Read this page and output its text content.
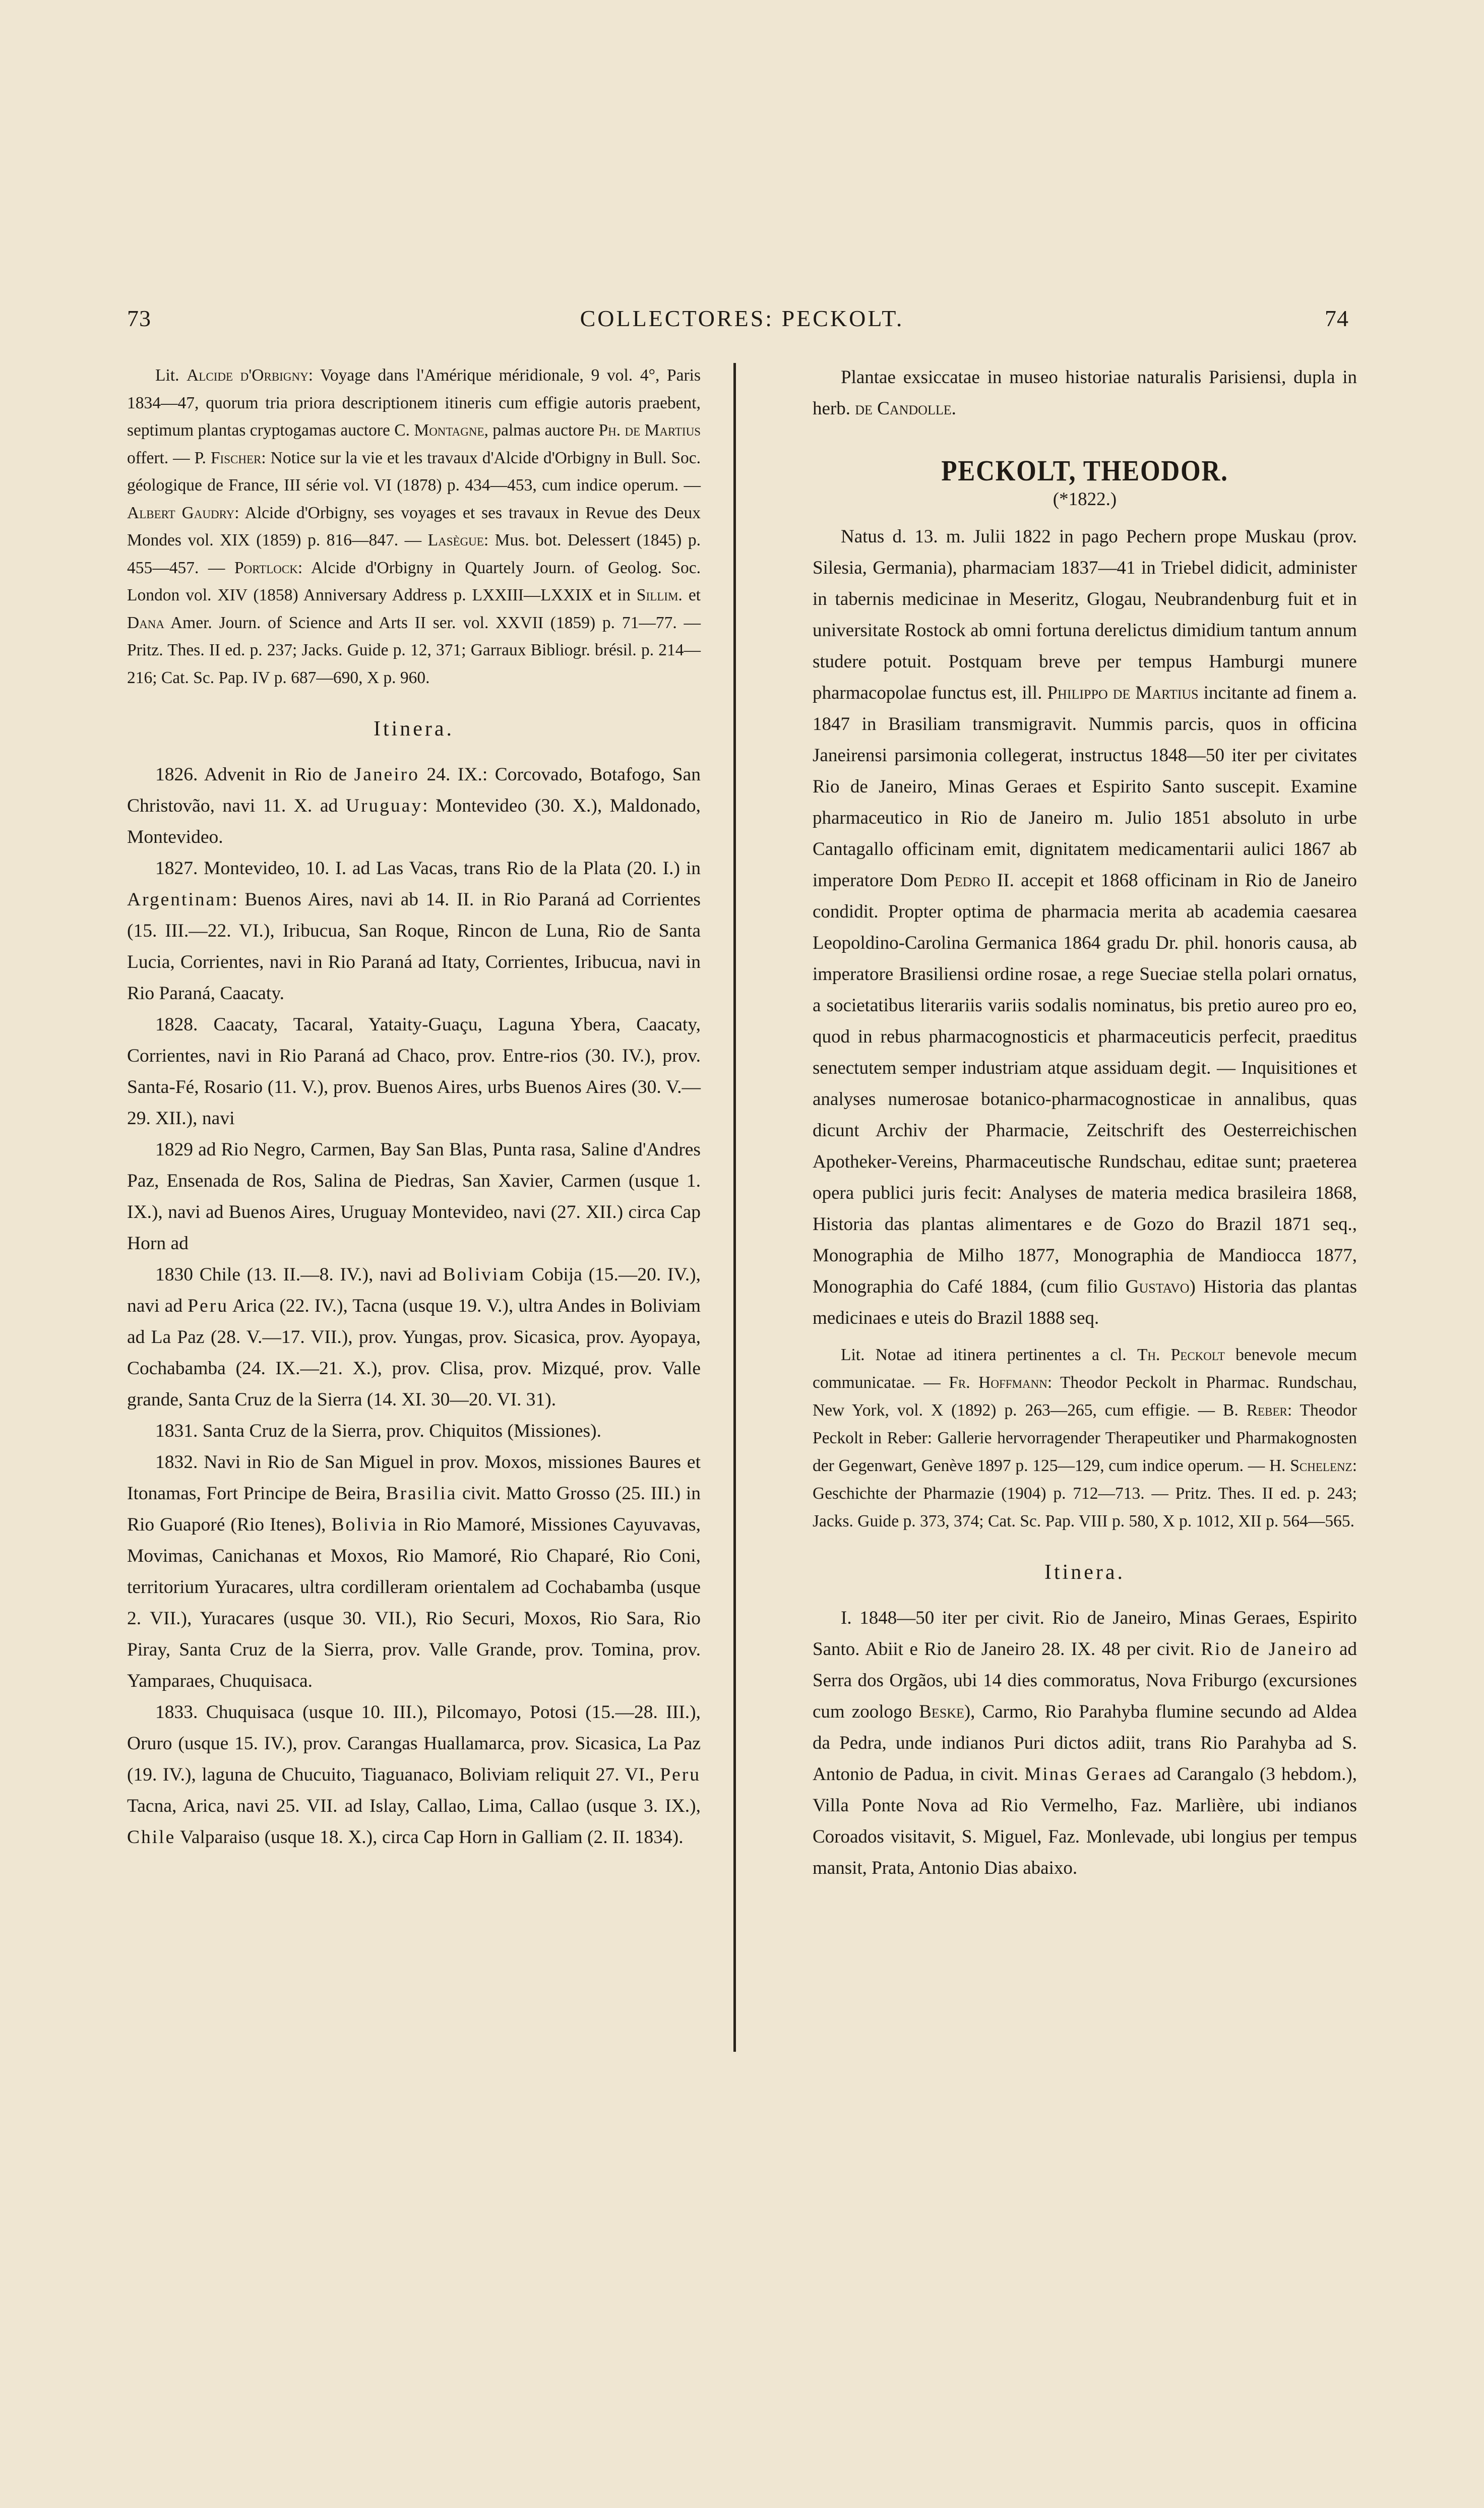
73	COLLECTORES: PECKOLT.	74

Lit. Alcide d'Orbigny: Voyage dans l'Amérique méridionale, 9 vol. 4°, Paris 1834—47, quorum tria priora descriptionem itineris cum effigie autoris praebent, septimum plantas cryptogamas auctore C. Montagne, palmas auctore Ph. de Martius offert. — P. Fischer: Notice sur la vie et les travaux d'Alcide d'Orbigny in Bull. Soc. géologique de France, III série vol. VI (1878) p. 434—453, cum indice operum. — Albert Gaudry: Alcide d'Orbigny, ses voyages et ses travaux in Revue des Deux Mondes vol. XIX (1859) p. 816—847. — Lasègue: Mus. bot. Delessert (1845) p. 455—457. — Portlock: Alcide d'Orbigny in Quartely Journ. of Geolog. Soc. London vol. XIV (1858) Anniversary Address p. LXXIII—LXXIX et in Sillim. et Dana Amer. Journ. of Science and Arts II ser. vol. XXVII (1859) p. 71—77. — Pritz. Thes. II ed. p. 237; Jacks. Guide p. 12, 371; Garraux Bibliogr. brésil. p. 214—216; Cat. Sc. Pap. IV p. 687—690, X p. 960.

Itinera.

1826. Advenit in Rio de Janeiro 24. IX.: Corcovado, Botafogo, San Christovão, navi 11. X. ad Uruguay: Montevideo (30. X.), Maldonado, Montevideo.

1827. Montevideo, 10. I. ad Las Vacas, trans Rio de la Plata (20. I.) in Argentinam: Buenos Aires, navi ab 14. II. in Rio Paraná ad Corrientes (15. III.—22. VI.), Iribucua, San Roque, Rincon de Luna, Rio de Santa Lucia, Corrientes, navi in Rio Paraná ad Itaty, Corrientes, Iribucua, navi in Rio Paraná, Caacaty.

1828. Caacaty, Tacaral, Yataity-Guaçu, Laguna Ybera, Caacaty, Corrientes, navi in Rio Paraná ad Chaco, prov. Entre-rios (30. IV.), prov. Santa-Fé, Rosario (11. V.), prov. Buenos Aires, urbs Buenos Aires (30. V.—29. XII.), navi

1829 ad Rio Negro, Carmen, Bay San Blas, Punta rasa, Saline d'Andres Paz, Ensenada de Ros, Salina de Piedras, San Xavier, Carmen (usque 1. IX.), navi ad Buenos Aires, Uruguay Montevideo, navi (27. XII.) circa Cap Horn ad

1830 Chile (13. II.—8. IV.), navi ad Boliviam Cobija (15.—20. IV.), navi ad Peru Arica (22. IV.), Tacna (usque 19. V.), ultra Andes in Boliviam ad La Paz (28. V.—17. VII.), prov. Yungas, prov. Sicasica, prov. Ayopaya, Cochabamba (24. IX.—21. X.), prov. Clisa, prov. Mizqué, prov. Valle grande, Santa Cruz de la Sierra (14. XI. 30—20. VI. 31).

1831. Santa Cruz de la Sierra, prov. Chiquitos (Missiones).

1832. Navi in Rio de San Miguel in prov. Moxos, missiones Baures et Itonamas, Fort Principe de Beira, Brasilia civit. Matto Grosso (25. III.) in Rio Guaporé (Rio Itenes), Bolivia in Rio Mamoré, Missiones Cayuvavas, Movimas, Canichanas et Moxos, Rio Mamoré, Rio Chaparé, Rio Coni, territorium Yuracares, ultra cordilleram orientalem ad Cochabamba (usque 2. VII.), Yuracares (usque 30. VII.), Rio Securi, Moxos, Rio Sara, Rio Piray, Santa Cruz de la Sierra, prov. Valle Grande, prov. Tomina, prov. Yamparaes, Chuquisaca.

1833. Chuquisaca (usque 10. III.), Pilcomayo, Potosi (15.—28. III.), Oruro (usque 15. IV.), prov. Carangas Huallamarca, prov. Sicasica, La Paz (19. IV.), laguna de Chucuito, Tiaguanaco, Boliviam reliquit 27. VI., Peru Tacna, Arica, navi 25. VII. ad Islay, Callao, Lima, Callao (usque 3. IX.), Chile Valparaiso (usque 18. X.), circa Cap Horn in Galliam (2. II. 1834).

Plantae exsiccatae in museo historiae naturalis Parisiensi, dupla in herb. de Candolle.

PECKOLT, THEODOR.
(*1822.)

Natus d. 13. m. Julii 1822 in pago Pechern prope Muskau (prov. Silesia, Germania), pharmaciam 1837—41 in Triebel didicit, administer in tabernis medicinae in Meseritz, Glogau, Neubrandenburg fuit et in universitate Rostock ab omni fortuna derelictus dimidium tantum annum studere potuit. Postquam breve per tempus Hamburgi munere pharmacopolae functus est, ill. Philippo de Martius incitante ad finem a. 1847 in Brasiliam transmigravit. Nummis parcis, quos in officina Janeirensi parsimonia collegerat, instructus 1848—50 iter per civitates Rio de Janeiro, Minas Geraes et Espirito Santo suscepit. Examine pharmaceutico in Rio de Janeiro m. Julio 1851 absoluto in urbe Cantagallo officinam emit, dignitatem medicamentarii aulici 1867 ab imperatore Dom Pedro II. accepit et 1868 officinam in Rio de Janeiro condidit. Propter optima de pharmacia merita ab academia caesarea Leopoldino-Carolina Germanica 1864 gradu Dr. phil. honoris causa, ab imperatore Brasiliensi ordine rosae, a rege Sueciae stella polari ornatus, a societatibus literariis variis sodalis nominatus, bis pretio aureo pro eo, quod in rebus pharmacognosticis et pharmaceuticis perfecit, praeditus senectutem semper industriam atque assiduam degit. — Inquisitiones et analyses numerosae botanico-pharmacognosticae in annalibus, quas dicunt Archiv der Pharmacie, Zeitschrift des Oesterreichischen Apotheker-Vereins, Pharmaceutische Rundschau, editae sunt; praeterea opera publici juris fecit: Analyses de materia medica brasileira 1868, Historia das plantas alimentares e de Gozo do Brazil 1871 seq., Monographia de Milho 1877, Monographia de Mandiocca 1877, Monographia do Café 1884, (cum filio Gustavo) Historia das plantas medicinaes e uteis do Brazil 1888 seq.

Lit. Notae ad itinera pertinentes a cl. Th. Peckolt benevole mecum communicatae. — Fr. Hoffmann: Theodor Peckolt in Pharmac. Rundschau, New York, vol. X (1892) p. 263—265, cum effigie. — B. Reber: Theodor Peckolt in Reber: Gallerie hervorragender Therapeutiker und Pharmakognosten der Gegenwart, Genève 1897 p. 125—129, cum indice operum. — H. Schelenz: Geschichte der Pharmazie (1904) p. 712—713. — Pritz. Thes. II ed. p. 243; Jacks. Guide p. 373, 374; Cat. Sc. Pap. VIII p. 580, X p. 1012, XII p. 564—565.

Itinera.

I. 1848—50 iter per civit. Rio de Janeiro, Minas Geraes, Espirito Santo. Abiit e Rio de Janeiro 28. IX. 48 per civit. Rio de Janeiro ad Serra dos Orgãos, ubi 14 dies commoratus, Nova Friburgo (excursiones cum zoologo Beske), Carmo, Rio Parahyba flumine secundo ad Aldea da Pedra, unde indianos Puri dictos adiit, trans Rio Parahyba ad S. Antonio de Padua, in civit. Minas Geraes ad Carangalo (3 hebdom.), Villa Ponte Nova ad Rio Vermelho, Faz. Marlière, ubi indianos Coroados visitavit, S. Miguel, Faz. Monlevade, ubi longius per tempus mansit, Prata, Antonio Dias abaixo.
